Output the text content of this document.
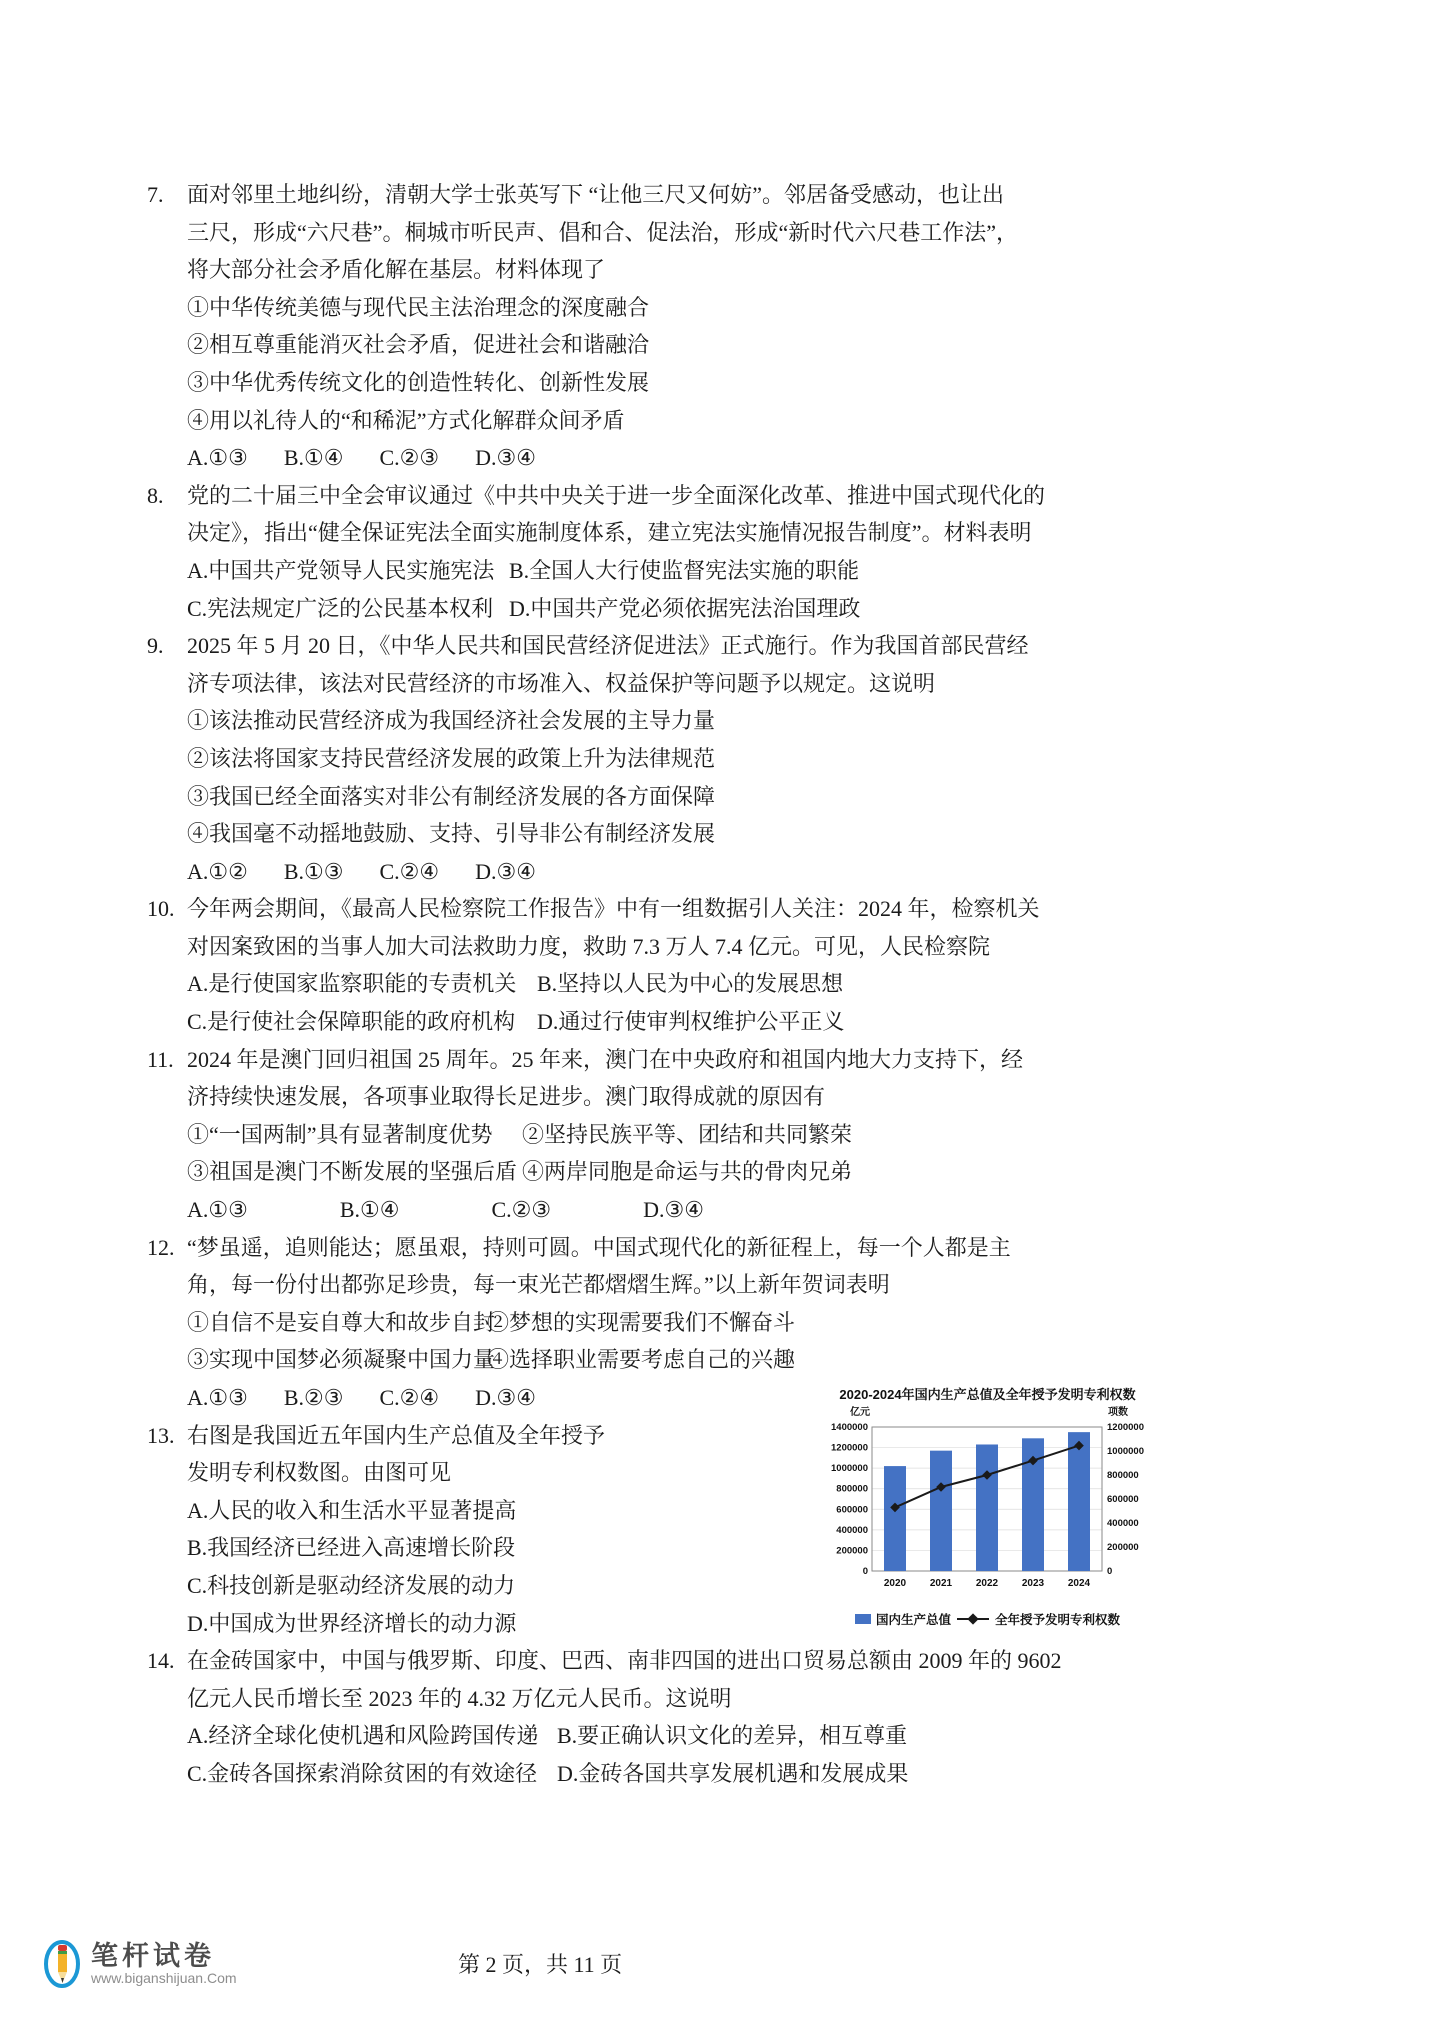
7. 面对邻里土地纠纷，清朝大学士张英写下 “让他三尺又何妨”。邻居备受感动，也让出
三尺，形成“六尺巷”。桐城市听民声、倡和合、促法治，形成“新时代六尺巷工作法”，
将大部分社会矛盾化解在基层。材料体现了
①中华传统美德与现代民主法治理念的深度融合
②相互尊重能消灭社会矛盾，促进社会和谐融洽
③中华优秀传统文化的创造性转化、创新性发展
④用以礼待人的“和稀泥”方式化解群众间矛盾
A.①③ B.①④ C.②③ D.③④
8. 党的二十届三中全会审议通过《中共中央关于进一步全面深化改革、推进中国式现代化的
决定》，指出“健全保证宪法全面实施制度体系，建立宪法实施情况报告制度”。材料表明
A.中国共产党领导人民实施宪法 B.全国人大行使监督宪法实施的职能
C.宪法规定广泛的公民基本权利 D.中国共产党必须依据宪法治国理政
9. 2025 年 5 月 20 日，《中华人民共和国民营经济促进法》正式施行。作为我国首部民营经
济专项法律，该法对民营经济的市场准入、权益保护等问题予以规定。这说明
①该法推动民营经济成为我国经济社会发展的主导力量
②该法将国家支持民营经济发展的政策上升为法律规范
③我国已经全面落实对非公有制经济发展的各方面保障
④我国毫不动摇地鼓励、支持、引导非公有制经济发展
A.①② B.①③ C.②④ D.③④
10. 今年两会期间，《最高人民检察院工作报告》中有一组数据引人关注：2024 年，检察机关
对因案致困的当事人加大司法救助力度，救助 7.3 万人 7.4 亿元。可见，人民检察院
A.是行使国家监察职能的专责机关 B.坚持以人民为中心的发展思想
C.是行使社会保障职能的政府机构 D.通过行使审判权维护公平正义
11. 2024 年是澳门回归祖国 25 周年。25 年来，澳门在中央政府和祖国内地大力支持下，经
济持续快速发展，各项事业取得长足进步。澳门取得成就的原因有
①“一国两制”具有显著制度优势 ②坚持民族平等、团结和共同繁荣
③祖国是澳门不断发展的坚强后盾 ④两岸同胞是命运与共的骨肉兄弟
A.①③	B.①④	C.②③	D.③④
12. “梦虽遥，追则能达；愿虽艰，持则可圆。中国式现代化的新征程上，每一个人都是主
角，每一份付出都弥足珍贵，每一束光芒都熠熠生辉。”以上新年贺词表明
①自信不是妄自尊大和故步自封②梦想的实现需要我们不懈奋斗
③实现中国梦必须凝聚中国力量④选择职业需要考虑自己的兴趣
A.①③ B.②③ C.②④ D.③④
13. 右图是我国近五年国内生产总值及全年授予
发明专利权数图。由图可见
A.人民的收入和生活水平显著提高
B.我国经济已经进入高速增长阶段
C.科技创新是驱动经济发展的动力
D.中国成为世界经济增长的动力源
14. 在金砖国家中，中国与俄罗斯、印度、巴西、南非四国的进出口贸易总额由 2009 年的 9602
亿元人民币增长至 2023 年的 4.32 万亿元人民币。这说明
A.经济全球化使机遇和风险跨国传递 B.要正确认识文化的差异，相互尊重
C.金砖各国探索消除贫困的有效途径 D.金砖各国共享发展机遇和发展成果
2020-2024年国内生产总值及全年授予发明专利权数
0
200000
400000
600000
800000
1000000
1200000
1400000
0
200000
400000
600000
800000
1000000
1200000
亿元	项数
2020 2021 2022 2023 2024
国内生产总值	全年授予发明专利权数
笔杆试卷
www.biganshijuan.Com
第 2 页，共 11 页
